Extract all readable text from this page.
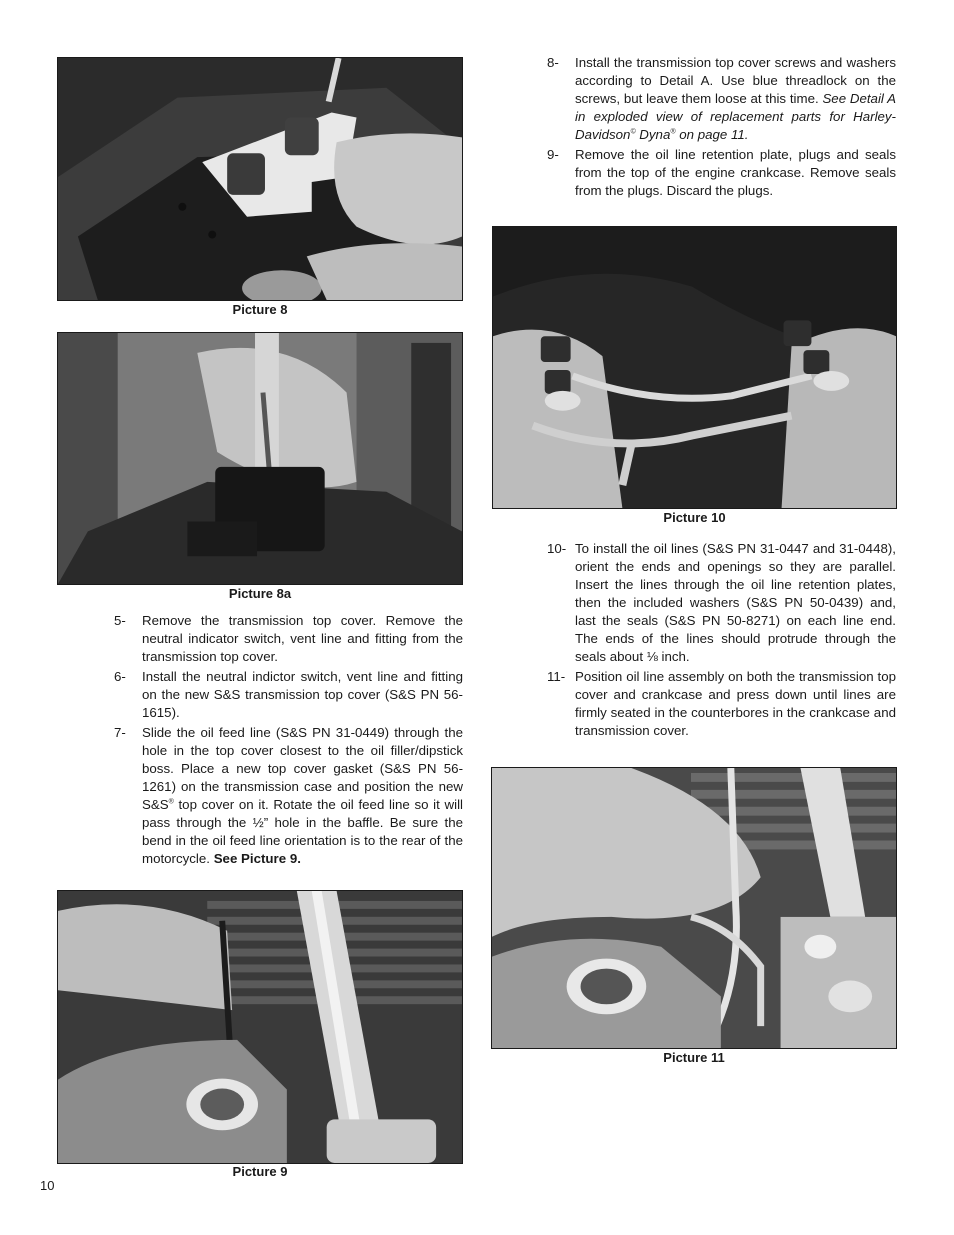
Picture 8
Picture 8a
5-	Remove the transmission top cover. Remove the neutral indicator switch, vent line and fitting from the transmission top cover.
6-	Install the neutral indictor switch, vent line and fitting on the new S&S transmission top cover (S&S PN 56-1615).
7-	Slide the oil feed line (S&S PN 31-0449) through the hole in the top cover closest to the oil filler/dipstick boss. Place a new top cover gasket (S&S PN 56-1261) on the transmission case and position the new S&S® top cover on it. Rotate the oil feed line so it will pass through the ½” hole in the baffle. Be sure the bend in the oil feed line orientation is to the rear of the motorcycle. See Picture 9.
Picture 9
10
8-	Install the transmission top cover screws and washers according to Detail A. Use blue threadlock on the screws, but leave them loose at this time. See Detail A in exploded view of replacement parts for Harley-Davidson© Dyna® on page 11.
9-	Remove the oil line retention plate, plugs and seals from the top of the engine crankcase. Remove seals from the plugs. Discard the plugs.
Picture 10
10- To install the oil lines (S&S PN 31-0447 and 31-0448), orient the ends and openings so they are parallel. Insert the lines through the oil line retention plates, then the included washers (S&S PN 50-0439) and, last the seals (S&S PN 50-8271) on each line end. The ends of the lines should protrude through the seals about ⅛ inch.
11- Position oil line assembly on both the transmission top cover and crankcase and press down until lines are firmly seated in the counterbores in the crankcase and transmission cover.
Picture 11
